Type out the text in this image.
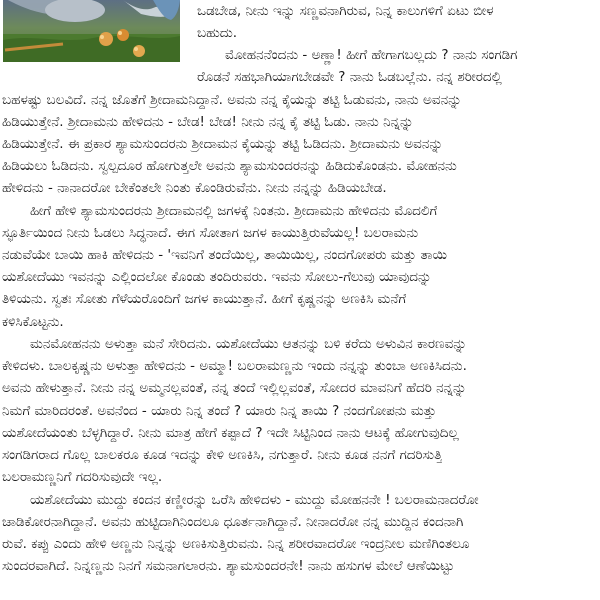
ಒಡಬೇಡ, ನೀನು ಇನ್ನು ಸಣ್ಣವನಾಗಿರುವ, ನಿನ್ನ ಕಾಲುಗಳಿಗೆ ಏಟು ಬೀಳ
ಬಹುದು.
ಮೋಹನನೆಂದನು - ಅಣ್ಣಾ! ಹೀಗೆ ಹೇಗಾಗಬಲ್ಲದು ? ನಾನು ಸಂಗಡಿಗ
ರೊಡನೆ ಸಹಭಾಗಿಯಾಗಬೇಡವೇ ? ನಾನು ಓಡಬಲ್ಲೆನು. ನನ್ನ ಶರೀರದಲ್ಲಿ
ಬಹಳಷ್ಟು ಬಲವಿದೆ. ನನ್ನ ಜೊತೆಗೆ ಶ್ರೀದಾಮನಿದ್ದಾನೆ. ಅವನು ನನ್ನ ಕೈಯನ್ನು ತಟ್ಟಿ ಓಡುವನು, ನಾನು ಅವನನ್ನು
ಹಿಡಿಯುತ್ತೇನೆ. ಶ್ರೀದಾಮನು ಹೇಳಿದನು - ಬೇಡ! ಬೇಡ! ನೀನು ನನ್ನ ಕೈ ತಟ್ಟಿ ಓಡು. ನಾನು ನಿನ್ನನ್ನು
ಹಿಡಿಯುತ್ತೇನೆ. ಈ ಪ್ರಕಾರ ಶ್ಯಾಮಸುಂದರನು ಶ್ರೀದಾಮನ ಕೈಯನ್ನು ತಟ್ಟಿ ಓಡಿದನು. ಶ್ರೀದಾಮನು ಅವನನ್ನು
ಹಿಡಿಯಲು ಓಡಿದನು. ಸ್ವಲ್ಪದೂರ ಹೋಗುತ್ತಲೇ ಅವನು ಶ್ಯಾಮಸುಂದರನನ್ನು ಹಿಡಿದುಕೊಂಡನು. ಮೋಹನನು
ಹೇಳಿದನು - ನಾನಾದರೋ ಬೇಕೆಂತಲೇ ನಿಂತು ಕೊಂಡಿರುವೆನು. ನೀನು ನನ್ನನ್ನು ಹಿಡಿಯಬೇಡ.
ಹೀಗೆ ಹೇಳಿ ಶ್ಯಾಮಸುಂದರನು ಶ್ರೀದಾಮನಲ್ಲಿ ಜಗಳಕ್ಕೆ ನಿಂತನು. ಶ್ರೀದಾಮನು ಹೇಳಿದನು ಮೊದಲಿಗೆ
ಸ್ಫೂರ್ತಿಯಿಂದ ನೀನು ಓಡಲು ಸಿದ್ಧನಾದೆ. ಈಗ ಸೋತಾಗ ಜಗಳ ಕಾಯುತ್ತಿರುವೆಯಲ್ಲ! ಬಲರಾಮನು
ನಡುವೆಯೇ ಬಾಯಿ ಹಾಕಿ ಹೇಳಿದನು - 'ಇವನಿಗೆ ತಂದೆಯಿಲ್ಲ, ತಾಯಿಯಿಲ್ಲ, ನಂದಗೋಪರು ಮತ್ತು ತಾಯಿ
ಯಶೋದೆಯು ಇವನನ್ನು ಎಲ್ಲಿಂದಲೋ ಕೊಂಡು ತಂದಿರುವರು. ಇವನು ಸೋಲು-ಗೆಲುವು ಯಾವುದನ್ನು
ತಿಳಿಯನು. ಸ್ವತಃ ಸೋತು ಗೆಳೆಯರೊಂದಿಗೆ ಜಗಳ ಕಾಯುತ್ತಾನೆ. ಹೀಗೆ ಕೃಷ್ಣನನ್ನು ಅಣಕಿಸಿ ಮನೆಗೆ
ಕಳಿಸಿಕೊಟ್ಟನು.
ಮನಮೋಹನನು ಅಳುತ್ತಾ ಮನೆ ಸೇರಿದನು. ಯಶೋದೆಯು ಆತನನ್ನು ಬಳಿ ಕರೆದು ಅಳುವಿನ ಕಾರಣವನ್ನು
ಕೇಳಿದಳು. ಬಾಲಕೃಷ್ಣನು ಅಳುತ್ತಾ ಹೇಳಿದನು - ಅಮ್ಮಾ! ಬಲರಾಮಣ್ಣನು ಇಂದು ನನ್ನನ್ನು ತುಂಬಾ ಅಣಕಿಸಿದನು.
ಅವನು ಹೇಳುತ್ತಾನೆ. ನೀನು ನನ್ನ ಅಮ್ಮನಲ್ಲವಂತೆ, ನನ್ನ ತಂದೆ ಇಲ್ಲಿಲ್ಲವಂತೆ, ಸೋದರ ಮಾವನಿಗೆ ಹೆದರಿ ನನ್ನನ್ನು
ನಿಮಗೆ ಮಾರಿದರಂತೆ. ಅವನೆಂದ - ಯಾರು ನಿನ್ನ ತಂದೆ ? ಯಾರು ನಿನ್ನ ತಾಯಿ ? ನಂದಗೋಪನು ಮತ್ತು
ಯಶೋದೆಯಂತು ಬೆಳ್ಳಗಿದ್ದಾರೆ. ನೀನು ಮಾತ್ರ ಹೇಗೆ ಕಪ್ಪಾದೆ ? ಇದೇ ಸಿಟ್ಟಿನಿಂದ ನಾನು ಆಟಕ್ಕೆ ಹೋಗುವುದಿಲ್ಲ
ಸಂಗಡಿಗರಾದ ಗೊಲ್ಲ ಬಾಲಕರೂ ಕೂಡ ಇದನ್ನು ಕೇಳಿ ಅಣಕಿಸಿ, ನಗುತ್ತಾರೆ. ನೀನು ಕೂಡ ನನಗೆ ಗದರಿಸುತ್ತಿ
ಬಲರಾಮಣ್ಣನಿಗೆ ಗದರಿಸುವುದೇ ಇಲ್ಲ.
ಯಶೋದೆಯು ಮುದ್ದು ಕಂದನ ಕಣ್ಣೀರನ್ನು ಒರೆಸಿ ಹೇಳಿದಳು - ಮುದ್ದು ಮೋಹನನೇ ! ಬಲರಾಮನಾದರೋ
ಚಾಡಿಕೋರನಾಗಿದ್ದಾನೆ. ಅವನು ಹುಟ್ಟಿದಾಗಿನಿಂದಲೂ ಧೂರ್ತನಾಗಿದ್ದಾನೆ. ನೀನಾದರೋ ನನ್ನ ಮುದ್ದಿನ ಕಂದನಾಗಿ
ರುವೆ. ಕಪ್ಪು ಎಂದು ಹೇಳಿ ಅಣ್ಣನು ನಿನ್ನನ್ನು ಅಣಕಿಸುತ್ತಿರುವನು. ನಿನ್ನ ಶರೀರವಾದರೋ ಇಂದ್ರನೀಲ ಮಣಿಗಿಂತಲೂ
ಸುಂದರವಾಗಿದೆ. ನಿನ್ನಣ್ಣನು ನಿನಗೆ ಸಮನಾಗಲಾರನು. ಶ್ಯಾಮಸುಂದರನೇ! ನಾನು ಹಸುಗಳ ಮೇಲೆ ಆಣೆಯಿಟ್ಟು
